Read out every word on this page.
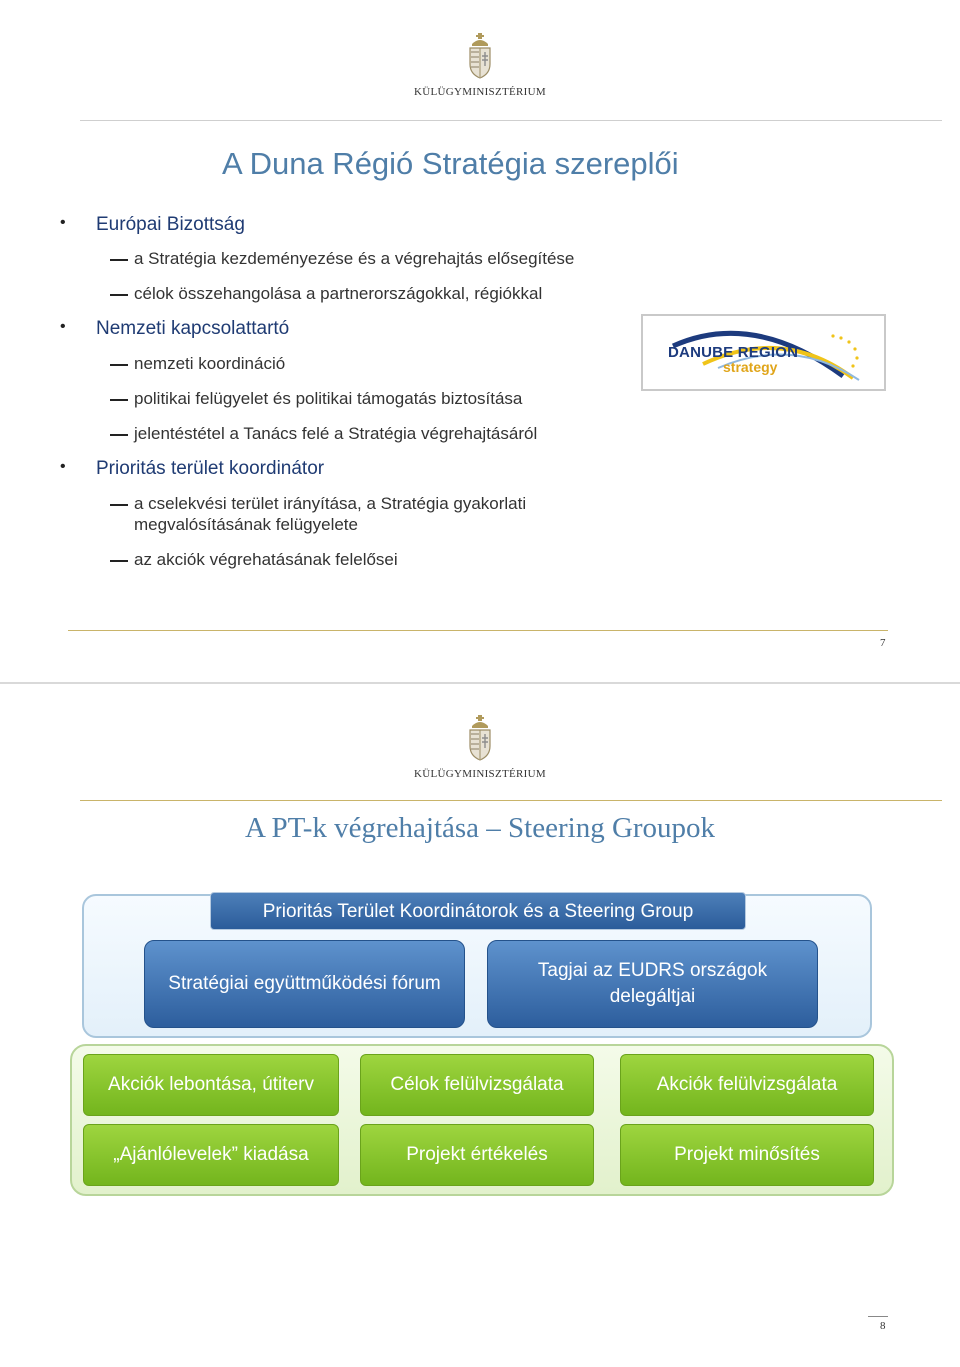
KÜLÜGYMINISZTÉRIUM
A Duna Régió Stratégia szereplői
• Európai Bizottság
a Stratégia kezdeményezése és a végrehajtás elősegítése
célok összehangolása a partnerországokkal, régiókkal
• Nemzeti kapcsolattartó
nemzeti koordináció
politikai felügyelet és politikai támogatás biztosítása
jelentéstétel a Tanács felé a Stratégia végrehajtásáról
• Prioritás terület koordinátor
a cselekvési terület irányítása, a Stratégia gyakorlati megvalósításának felügyelete
az akciók végrehatásának felelősei
DANUBE REGION
strategy
7
KÜLÜGYMINISZTÉRIUM
A PT-k végrehajtása – Steering Groupok
Prioritás Terület Koordinátorok és a Steering Group
Stratégiai együttműködési fórum
Tagjai az EUDRS országok delegáltjai
Akciók lebontása, útiterv	Célok felülvizsgálata	Akciók felülvizsgálata
„Ajánlólevelek” kiadása	Projekt értékelés	Projekt minősítés
8
